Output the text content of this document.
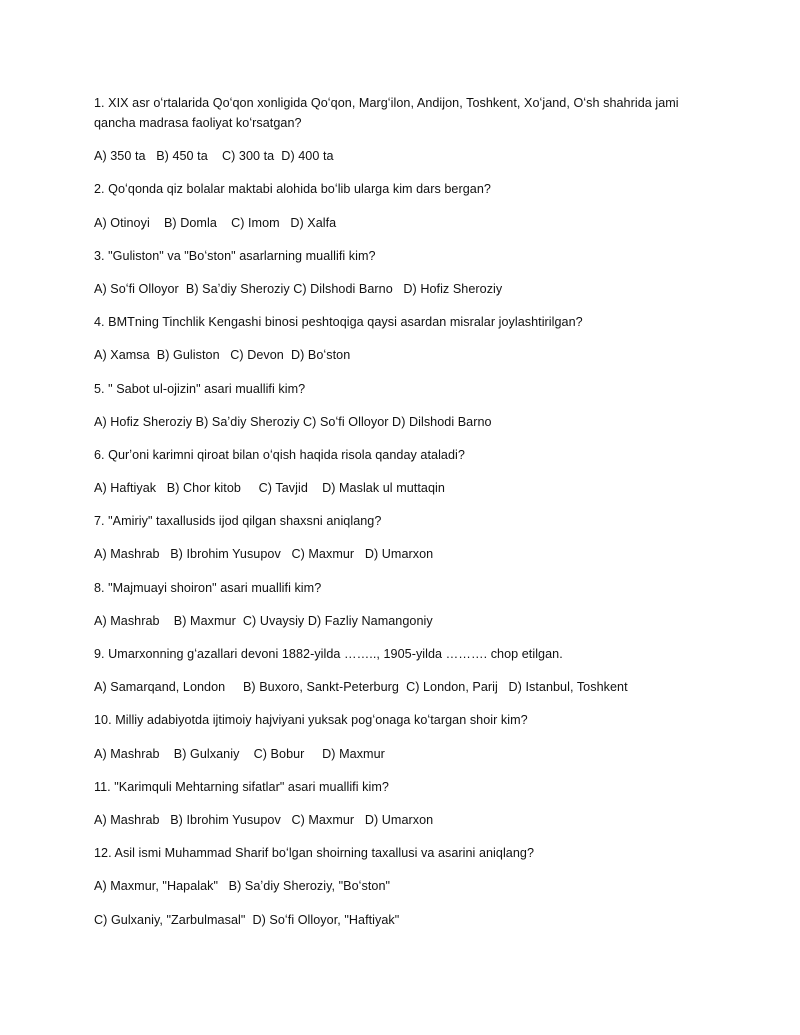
1. XIX asr oʻrtalarida Qoʻqon xonligida Qoʻqon, Margʻilon, Andijon, Toshkent, Xoʻjand, Oʻsh shahrida jami qancha madrasa faoliyat koʻrsatgan?

A) 350 ta   B) 450 ta    C) 300 ta  D) 400 ta

2. Qoʻqonda qiz bolalar maktabi alohida boʻlib ularga kim dars bergan?

A) Otinoyi    B) Domla    C) Imom   D) Xalfa

3. "Guliston" va "Boʻston" asarlarning muallifi kim?

A) Soʻfi Olloyor  B) Saʼdiy Sheroziy C) Dilshodi Barno   D) Hofiz Sheroziy

4. BMTning Tinchlik Kengashi binosi peshtoqiga qaysi asardan misralar joylashtirilgan?

A) Xamsa  B) Guliston   C) Devon  D) Boʻston

5. " Sabot ul-ojizin" asari muallifi kim?

A) Hofiz Sheroziy B) Saʼdiy Sheroziy C) Soʻfi Olloyor D) Dilshodi Barno

6. Qurʼoni karimni qiroat bilan oʻqish haqida risola qanday ataladi?

A) Haftiyak   B) Chor kitob     C) Tavjid    D) Maslak ul muttaqin

7. "Amiriy" taxallusids ijod qilgan shaxsni aniqlang?

A) Mashrab   B) Ibrohim Yusupov   C) Maxmur   D) Umarxon

8. "Majmuayi shoiron" asari muallifi kim?

A) Mashrab    B) Maxmur  C) Uvaysiy D) Fazliy Namangoniy

9. Umarxonning gʻazallari devoni 1882-yilda …….., 1905-yilda ………. chop etilgan.

A) Samarqand, London     B) Buxoro, Sankt-Peterburg  C) London, Parij   D) Istanbul, Toshkent

10. Milliy adabiyotda ijtimoiy hajviyani yuksak pogʻonaga koʻtargan shoir kim?

A) Mashrab    B) Gulxaniy    C) Bobur     D) Maxmur

11. "Karimquli Mehtarning sifatlar" asari muallifi kim?

A) Mashrab   B) Ibrohim Yusupov   C) Maxmur   D) Umarxon

12. Asil ismi Muhammad Sharif boʻlgan shoirning taxallusi va asarini aniqlang?

A) Maxmur, "Hapalak"   B) Saʼdiy Sheroziy, "Boʻston"

C) Gulxaniy, "Zarbulmasal"  D) Soʻfi Olloyor, "Haftiyak"
